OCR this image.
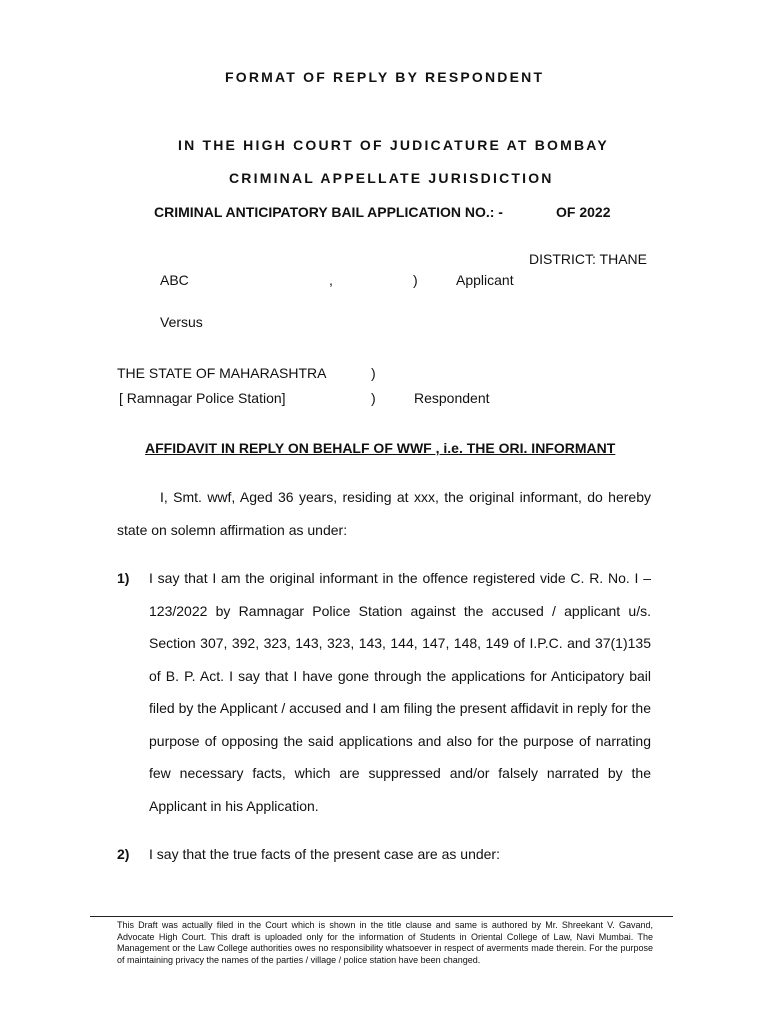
FORMAT OF REPLY BY RESPONDENT
IN THE HIGH COURT OF JUDICATURE AT BOMBAY
CRIMINAL APPELLATE JURISDICTION
CRIMINAL ANTICIPATORY BAIL APPLICATION NO.: -	OF 2022
DISTRICT: THANE
ABC	,	)	Applicant
Versus
THE STATE OF MAHARASHTRA	)
[ Ramnagar Police Station]	)	Respondent
AFFIDAVIT IN REPLY ON BEHALF OF WWF , i.e. THE ORI. INFORMANT
I, Smt. wwf, Aged 36 years, residing at xxx, the original informant, do hereby
state on solemn affirmation as under:
1) I say that I am the original informant in the offence registered vide C. R. No. I – 123/2022 by Ramnagar Police Station against the accused / applicant u/s. Section 307, 392, 323, 143, 323, 143, 144, 147, 148, 149 of I.P.C. and 37(1)135 of B. P. Act. I say that I have gone through the applications for Anticipatory bail filed by the Applicant / accused and I am filing the present affidavit in reply for the purpose of opposing the said applications and also for the purpose of narrating few necessary facts, which are suppressed and/or falsely narrated by the Applicant in his Application.
2) I say that the true facts of the present case are as under:
This Draft was actually filed in the Court which is shown in the title clause and same is authored by Mr. Shreekant V. Gavand, Advocate High Court. This draft is uploaded only for the information of Students in Oriental College of Law, Navi Mumbai. The Management or the Law College authorities owes no responsibility whatsoever in respect of averments made therein. For the purpose of maintaining privacy the names of the parties / village / police station have been changed.
